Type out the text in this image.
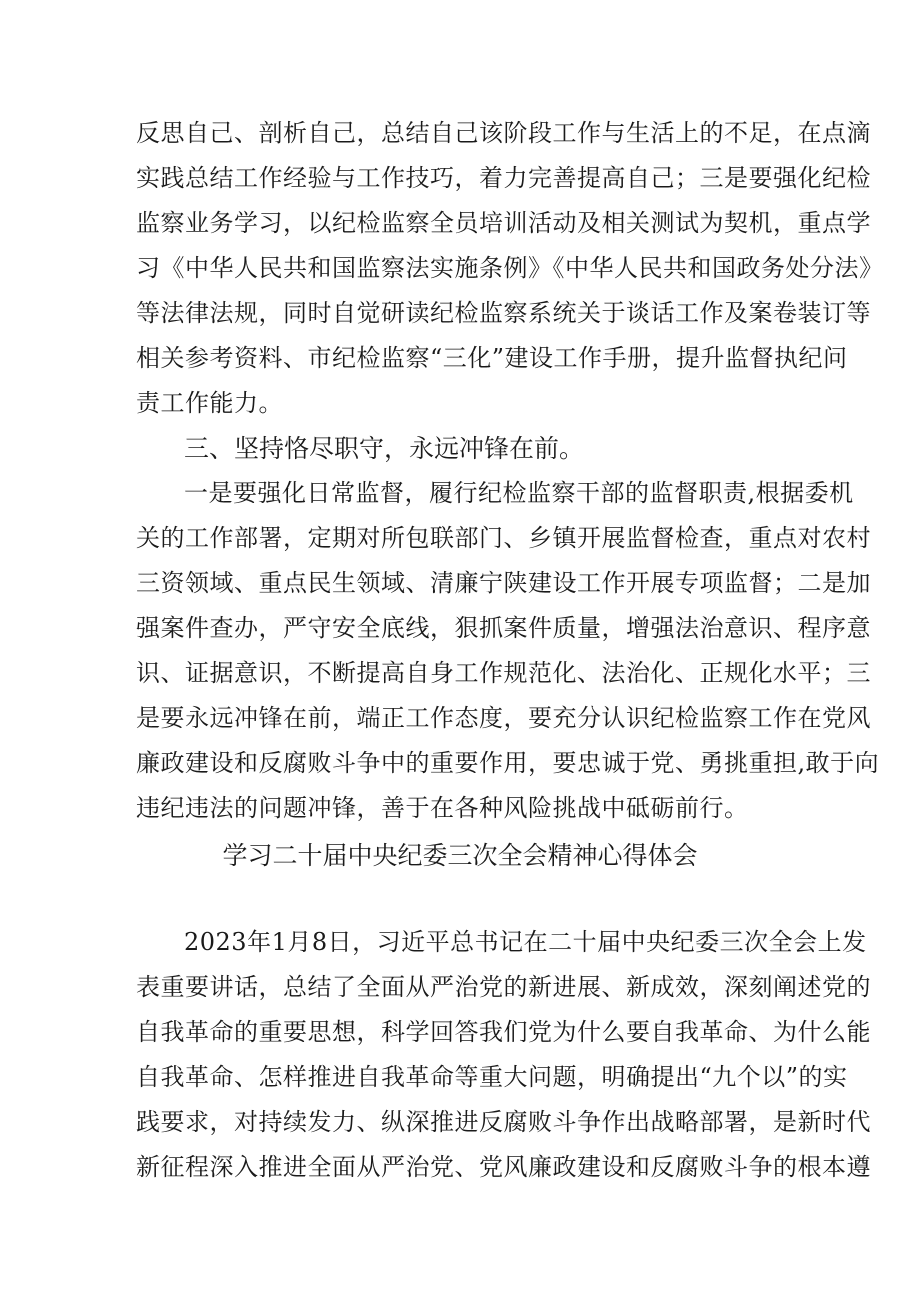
反思自己、剖析自己，总结自己该阶段工作与生活上的不足，在点滴
实践总结工作经验与工作技巧，着力完善提高自己；三是要强化纪检
监察业务学习，以纪检监察全员培训活动及相关测试为契机，重点学
习《中华人民共和国监察法实施条例》《中华人民共和国政务处分法》
等法律法规，同时自觉研读纪检监察系统关于谈话工作及案卷装订等
相关参考资料、市纪检监察“三化”建设工作手册，提升监督执纪问
责工作能力。
三、坚持恪尽职守，永远冲锋在前。
一是要强化日常监督，履行纪检监察干部的监督职责,根据委机
关的工作部署，定期对所包联部门、乡镇开展监督检查，重点对农村
三资领域、重点民生领域、清廉宁陕建设工作开展专项监督；二是加
强案件查办，严守安全底线，狠抓案件质量，增强法治意识、程序意
识、证据意识，不断提高自身工作规范化、法治化、正规化水平；三
是要永远冲锋在前，端正工作态度，要充分认识纪检监察工作在党风
廉政建设和反腐败斗争中的重要作用，要忠诚于党、勇挑重担,敢于向
违纪违法的问题冲锋，善于在各种风险挑战中砥砺前行。
学习二十届中央纪委三次全会精神心得体会
2023年1月8日，习近平总书记在二十届中央纪委三次全会上发
表重要讲话，总结了全面从严治党的新进展、新成效，深刻阐述党的
自我革命的重要思想，科学回答我们党为什么要自我革命、为什么能
自我革命、怎样推进自我革命等重大问题，明确提出“九个以”的实
践要求，对持续发力、纵深推进反腐败斗争作出战略部署，是新时代
新征程深入推进全面从严治党、党风廉政建设和反腐败斗争的根本遵
